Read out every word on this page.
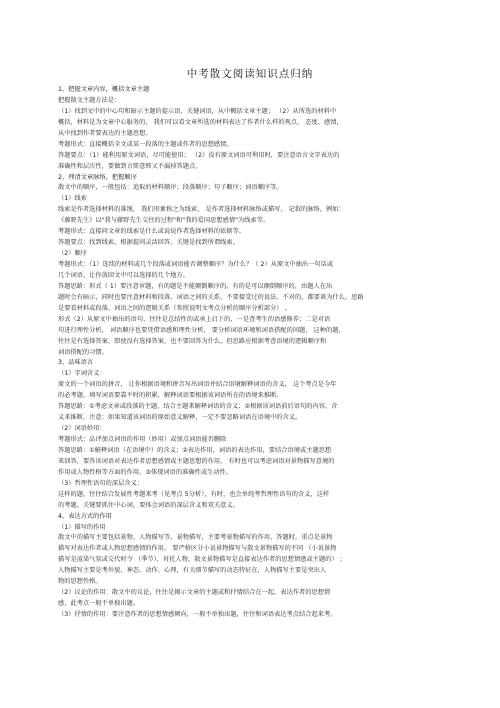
中考散文阅读知识点归纳
1、把握文章内容，概括文章主题
把握散文主题方法是：
（1）找到文中的中心句和暗示主题的提示语、关键词语，从中概括文章主题； （2）从所选的材料中
概括，材料是为文章中心服务的， 我们可以看文章所选的材料表达了作者什么样的观点、 态度、感情，
从中找到作者要表达的主题思想。
考题形式：直接概括全文或某一段落的主题或作者的思想感情。
答题要点：（1）能利用原文词语，尽可能使用； （2）没有原文词语可利用时，要注意语言文字表达的
准确性和层次性，要做到言简意赅又不漏掉答题点。
2、理清文章脉络，把握顺序
散文中的顺序，一般包括：追取的材料顺序；段落顺序；句子顺序；词语顺序等。
（1）线索
线索是作者选择材料的准绳， 我们形象称之为线索， 是作者选择材料脉络或描写、 记叙的脉络，例如：
《藤野先生》以"我与藤野先生交往的过程"和"我的爱国思想感情"为线索等。
考题形式：直接问文章的线索是什么或说说作者选择材料的依据等。
答题要点：找到线索，根据提问灵活回答。关键是找到所谓线索。
（2）顺序
考题形式：（1）连续的材料或几个段落或词语能否调整顺序？为什么？（ 2）从原文中抽出一句话或
几个词语，让你放回文中可以选择的几个地方。
答题思路：形式（ 1）要注意审题，有的题是不能颠倒顺序的，有的是可以颠倒顺序的，由题人在出
题时会有暗示，同时也要注意材料和段落、词语之间的关系，不要接受过的说法。不对的，都要谈为什么，思路
是要看材料或段落、词语之间的逻辑关系（参照说明文考点分析的顺序分析部分） 。
形式（2）从原文中抽出的语句，往往是总结性的或承上启下的，一是查考生的语感修养；二是对语
句进行理性分析， 词语顺序也要凭借语感和理性分析， 要分析词语环境和词语搭配的问题， 这种的题，
往往是有选择答案，即使没有选择答案，也不要回答为什么，但思路应根据考查语境的逻辑顺序和
词语搭配的习惯。
3、品味语言
（1）字词含义：
原文的一个词语的拼音， 让你根据语境和拼音写出词语并结合语境解释词语的含义， 这个考点是今年
的必考题，填写词语要靠平时的积累，解释词语要根据该词语所在的语境来推断。
答题思路：①考虑文章或段落的主题，结合主题来解释词语的含义；②根据该词语前后语句的内容、含
义来推断，注意：如果知道该词语的原始意义解释，一定不要忽略词语在语境中的含义。
（2）词语妙用：
考题形式：品评加点词语的作用（妙用）或加点词语能否删除
答题思路：①解释词语（在语境中）的含义；②表达作用，词语的表达作用，要结合语境或主题思想
来回答，要答该词语对表达作者思想感情或主题思想的作用， 有时也可以考虑词语对景物描写意境的
作用或人物性格等方面的作用。③体现词语的准确性或生动性。
（3）哲理性语句的深层含义：
这样的题，往往结合发展性考题来考（见考点 5分析），有时，也会单纯考哲理性语句的含义，这样
的考题，关键要抓住中心词，要体会词语的深层含义和双关意义。
4、表达方式的作用
（1）描写的作用
散文中的描写主要包括景物、人物描写等，景物描写，主要考景物描写的作用，答题时，重点是景物
描写对表达作者或人物思想感情的作用， 要严格区分小说景物描写与散文景物描写的不同 （小说景物
描写是渲染气氛或交代时令 （季节），衬托人物，散文景物描写是直接表达作者的思想情感或主题的） ；
人物描写主要是考外貌、神态、动作、心理，有关细节描写的动态特征在，人物描写主要是突出人
物的思想性格。
（2）议论的作用：散文中的议论，往往是揭示文章的主题或和抒情结合在一起，表达作者的思想情
感，此考点一般不单独出题。
（3）抒情的作用：要注意作者的思想情感倾向，一般不单独出题，往往和词语表达考点结合起来考。
